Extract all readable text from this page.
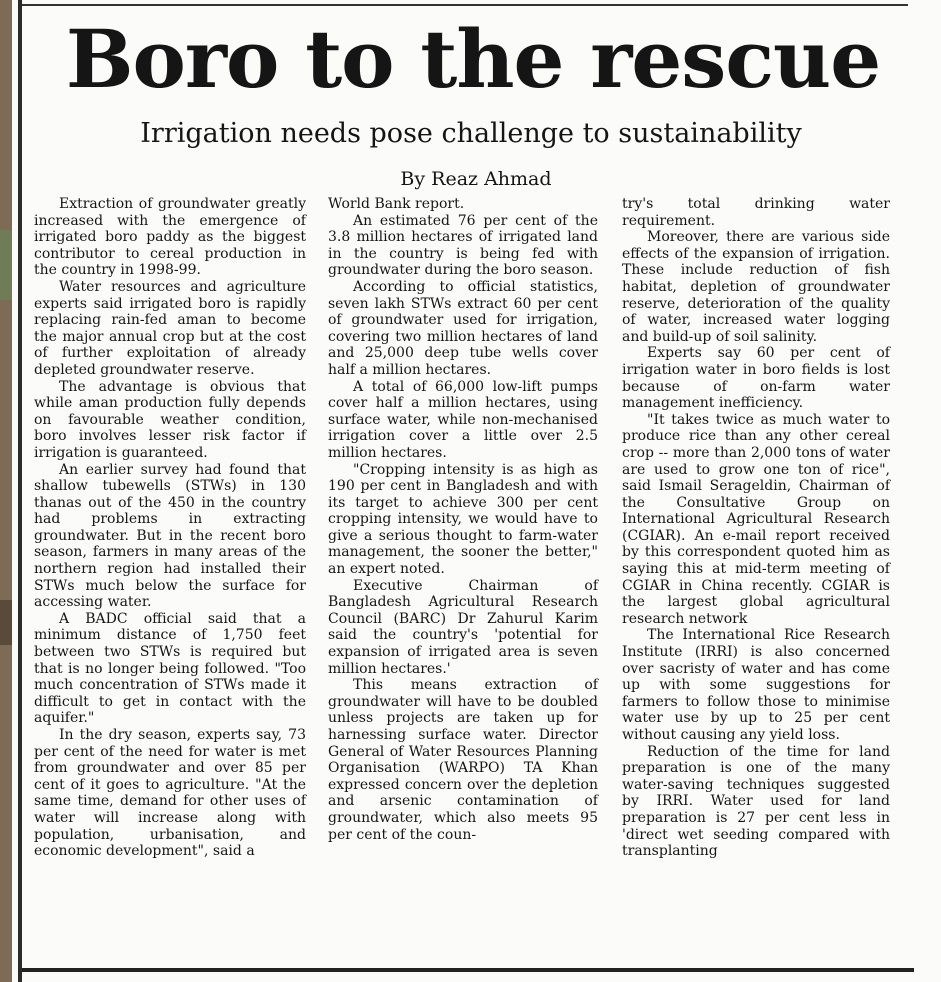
Boro to the rescue
Irrigation needs pose challenge to sustainability
By Reaz Ahmad

Extraction of groundwater greatly increased with the emergence of irrigated boro paddy as the biggest contributor to cereal production in the country in 1998-99.

Water resources and agriculture experts said irrigated boro is rapidly replacing rain-fed aman to become the major annual crop but at the cost of further exploitation of already depleted groundwater reserve.

The advantage is obvious that while aman production fully depends on favourable weather condition, boro involves lesser risk factor if irrigation is guaranteed.

An earlier survey had found that shallow tubewells (STWs) in 130 thanas out of the 450 in the country had problems in extracting groundwater. But in the recent boro season, farmers in many areas of the northern region had installed their STWs much below the surface for accessing water.

A BADC official said that a minimum distance of 1,750 feet between two STWs is required but that is no longer being followed. "Too much concentration of STWs made it difficult to get in contact with the aquifer."

In the dry season, experts say, 73 per cent of the need for water is met from groundwater and over 85 per cent of it goes to agriculture. "At the same time, demand for other uses of water will increase along with population, urbanisation, and economic development", said a

World Bank report.

An estimated 76 per cent of the 3.8 million hectares of irrigated land in the country is being fed with groundwater during the boro season.

According to official statistics, seven lakh STWs extract 60 per cent of groundwater used for irrigation, covering two million hectares of land and 25,000 deep tube wells cover half a million hectares.

A total of 66,000 low-lift pumps cover half a million hectares, using surface water, while non-mechanised irrigation cover a little over 2.5 million hectares.

"Cropping intensity is as high as 190 per cent in Bangladesh and with its target to achieve 300 per cent cropping intensity, we would have to give a serious thought to farm-water management, the sooner the better," an expert noted.

Executive Chairman of Bangladesh Agricultural Research Council (BARC) Dr Zahurul Karim said the country's 'potential for expansion of irrigated area is seven million hectares.'

This means extraction of groundwater will have to be doubled unless projects are taken up for harnessing surface water. Director General of Water Resources Planning Organisation (WARPO) TA Khan expressed concern over the depletion and arsenic contamination of groundwater, which also meets 95 per cent of the coun-

try's total drinking water requirement.

Moreover, there are various side effects of the expansion of irrigation. These include reduction of fish habitat, depletion of groundwater reserve, deterioration of the quality of water, increased water logging and build-up of soil salinity.

Experts say 60 per cent of irrigation water in boro fields is lost because of on-farm water management inefficiency.

"It takes twice as much water to produce rice than any other cereal crop -- more than 2,000 tons of water are used to grow one ton of rice", said Ismail Serageldin, Chairman of the Consultative Group on International Agricultural Research (CGIAR). An e-mail report received by this correspondent quoted him as saying this at mid-term meeting of CGIAR in China recently. CGIAR is the largest global agricultural research network

The International Rice Research Institute (IRRI) is also concerned over sacristy of water and has come up with some suggestions for farmers to follow those to minimise water use by up to 25 per cent without causing any yield loss.

Reduction of the time for land preparation is one of the many water-saving techniques suggested by IRRI. Water used for land preparation is 27 per cent less in 'direct wet seeding compared with transplanting
